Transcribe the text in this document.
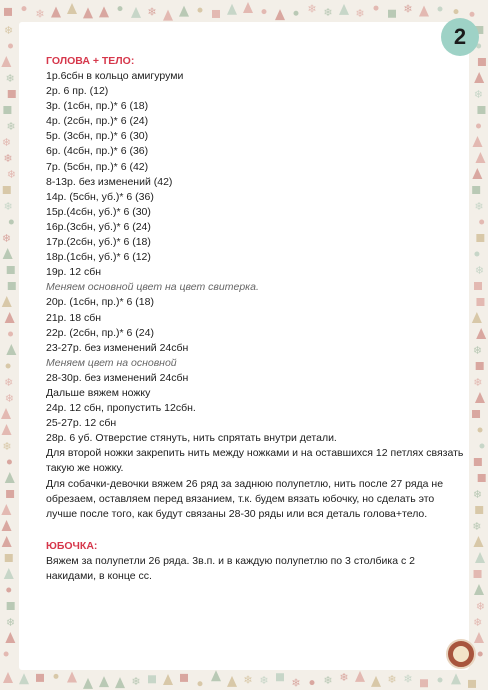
❄
❄
❄
❄ ❄ ❄
❄ ❄
❄ ❄
❄
❄
❄
❄
❄
❄
❄
❄
❄
❄
❄
❄	❄
❄
❄
❄
❄	❄
❄
❄
❄
❄
❄
❄	❄
2
ГОЛОВА + ТЕЛО:
1р.6сбн в кольцо амигуруми
2р. 6 пр. (12)
3р. (1сбн, пр.)* 6 (18)
4р. (2сбн, пр.)* 6 (24)
5р. (3сбн, пр.)* 6 (30)
6р. (4сбн, пр.)* 6 (36)
7р. (5сбн, пр.)* 6 (42)
8-13р. без изменений (42)
14р. (5сбн, уб.)* 6 (36)
15р.(4сбн, уб.)* 6 (30)
16р.(3сбн, уб.)* 6 (24)
17р.(2сбн, уб.)* 6 (18)
18р.(1сбн, уб.)* 6 (12)
19р. 12 сбн
Меняем основной цвет на цвет свитерка.
20р. (1сбн, пр.)* 6 (18)
21р. 18 сбн
22р. (2сбн, пр.)* 6 (24)
23-27р. без изменений 24сбн
Меняем цвет на основной
28-30р. без изменений 24сбн
Дальше вяжем ножку
24р. 12 сбн, пропустить 12сбн.
25-27р. 12 сбн
28р. 6 уб. Отверстие стянуть, нить спрятать внутри детали.
Для второй ножки закрепить нить между ножками и на оставшихся 12 петлях связать такую же ножку.
Для собачки-девочки вяжем 26 ряд за заднюю полупетлю, нить после 27 ряда не обрезаем, оставляем перед вязанием, т.к. будем вязать юбочку, но сделать это лучше после того, как будут связаны 28-30 ряды или вся деталь голова+тело.
ЮБОЧКА:
Вяжем за полупетли 26 ряда. 3в.п. и в каждую полупетлю по 3 столбика с 2 накидами, в конце сс.
